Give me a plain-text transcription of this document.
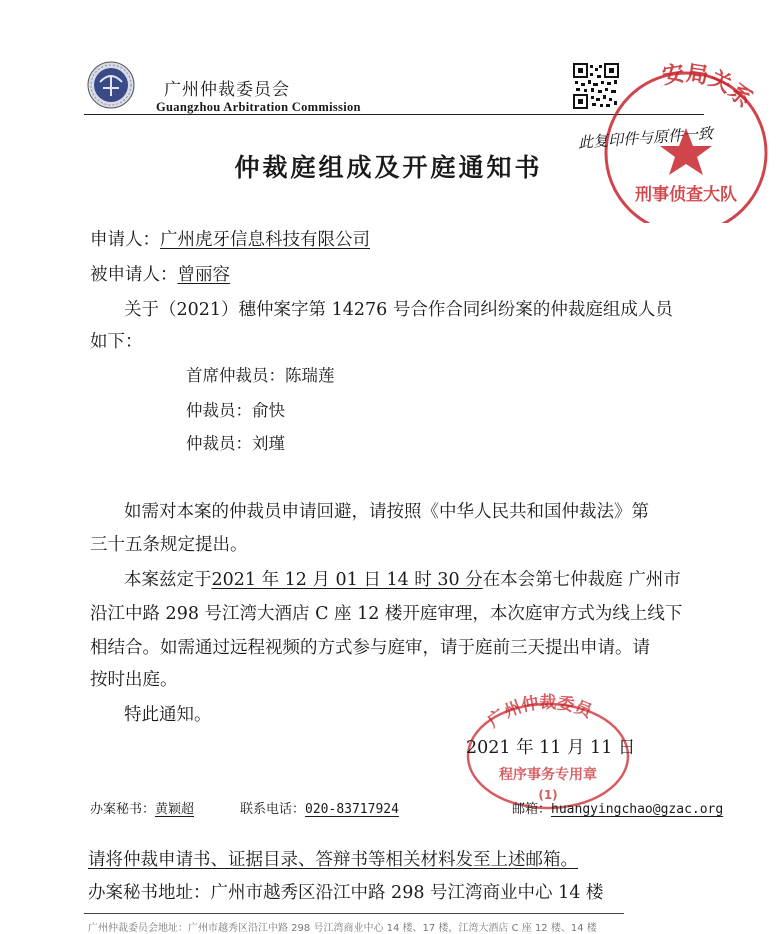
广州仲裁委员会
Guangzhou Arbitration Commission
安局关系
刑事侦查大队
此复印件与原件一致
仲裁庭组成及开庭通知书
申请人：广州虎牙信息科技有限公司
被申请人：曾丽容
关于（2021）穗仲案字第 14276 号合作合同纠纷案的仲裁庭组成人员
如下：
首席仲裁员：陈瑞莲
仲裁员：俞快
仲裁员：刘瑾
如需对本案的仲裁员申请回避，请按照《中华人民共和国仲裁法》第
三十五条规定提出。
本案兹定于2021 年 12 月 01 日 14 时 30 分在本会第七仲裁庭 广州市
沿江中路 298 号江湾大酒店 C 座 12 楼开庭审理，本次庭审方式为线上线下
相结合。如需通过远程视频的方式参与庭审，请于庭前三天提出申请。请
按时出庭。
特此通知。	广州仲裁委员
程序事务专用章
(1)
2021 年 11 月 11 日
办案秘书：黄颖超	联系电话：020-83717924	邮箱：huangyingchao@gzac.org
请将仲裁申请书、证据目录、答辩书等相关材料发至上述邮箱。
办案秘书地址：广州市越秀区沿江中路 298 号江湾商业中心 14 楼
广州仲裁委员会地址：广州市越秀区沿江中路 298 号江湾商业中心 14 楼、17 楼，江湾大酒店 C 座 12 楼、14 楼
